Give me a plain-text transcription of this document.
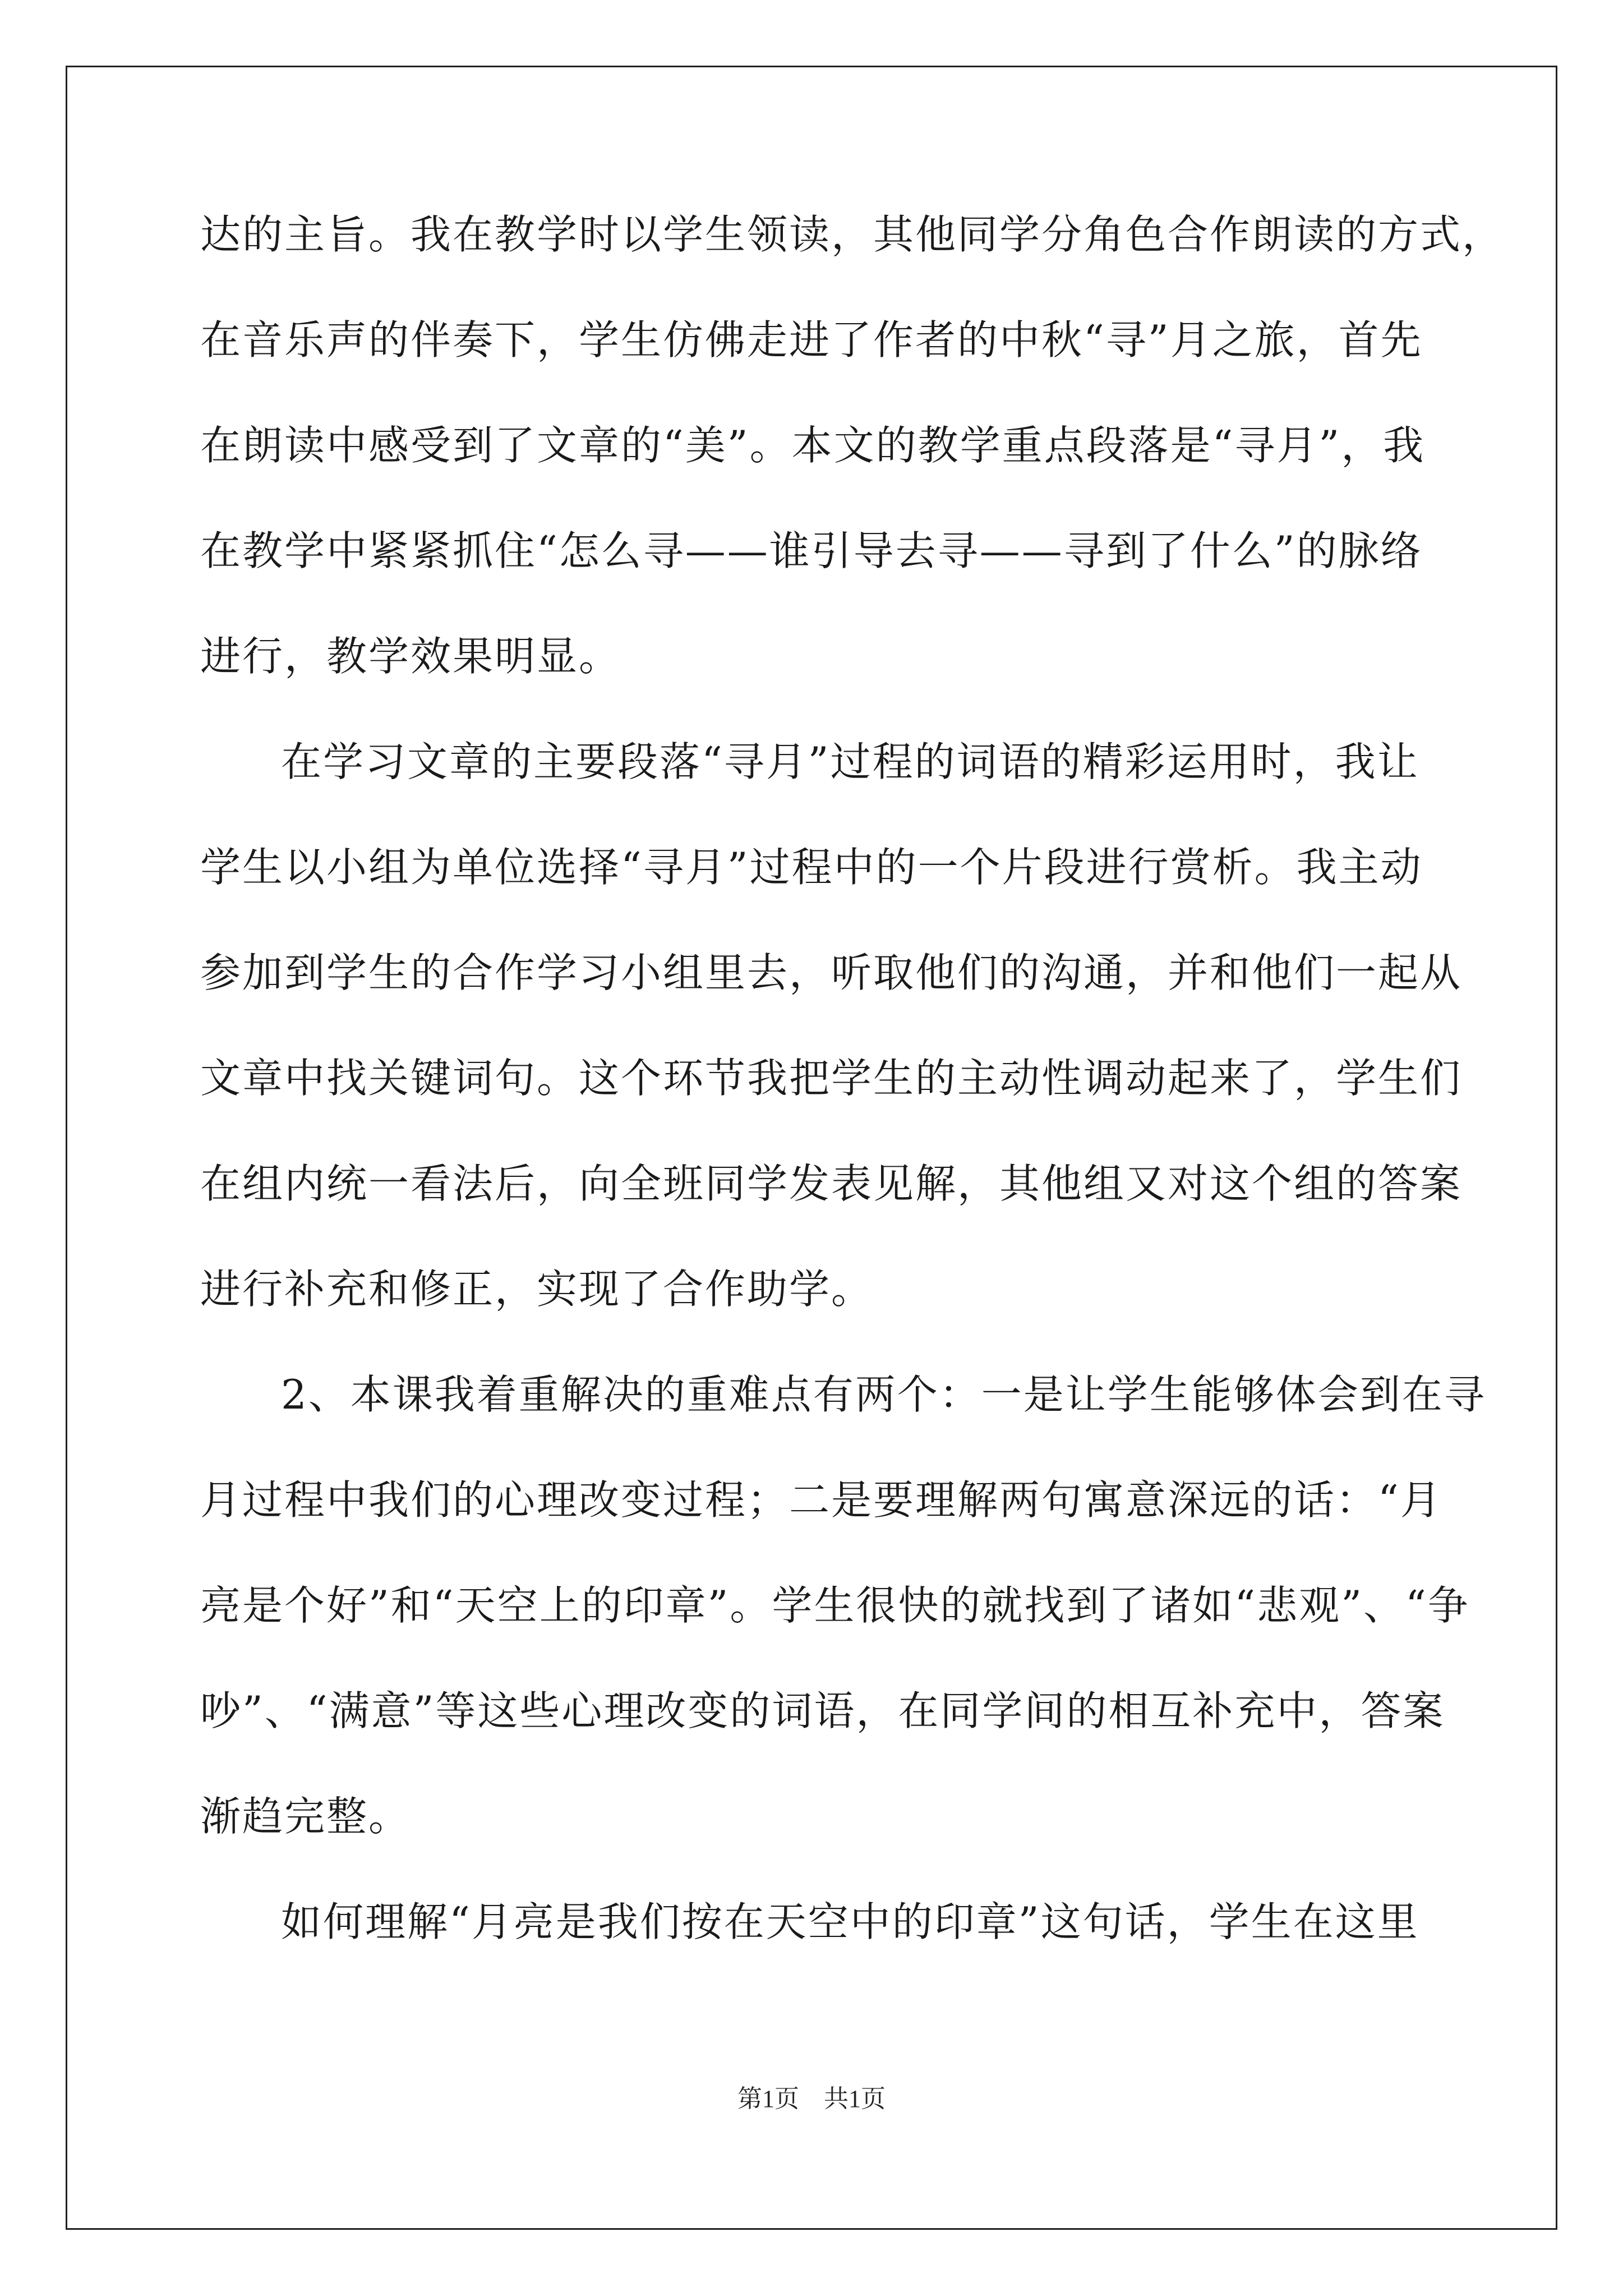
达的主旨。我在教学时以学生领读，其他同学分角色合作朗读的方式，
在音乐声的伴奏下，学生仿佛走进了作者的中秋“寻”月之旅，首先
在朗读中感受到了文章的“美”。本文的教学重点段落是“寻月”，我
在教学中紧紧抓住“怎么寻——谁引导去寻——寻到了什么”的脉络
进行，教学效果明显。
在学习文章的主要段落“寻月”过程的词语的精彩运用时，我让
学生以小组为单位选择“寻月”过程中的一个片段进行赏析。我主动
参加到学生的合作学习小组里去，听取他们的沟通，并和他们一起从
文章中找关键词句。这个环节我把学生的主动性调动起来了，学生们
在组内统一看法后，向全班同学发表见解，其他组又对这个组的答案
进行补充和修正，实现了合作助学。
2、本课我着重解决的重难点有两个：一是让学生能够体会到在寻
月过程中我们的心理改变过程；二是要理解两句寓意深远的话：“月
亮是个好”和“天空上的印章”。学生很快的就找到了诸如“悲观”、“争
吵”、“满意”等这些心理改变的词语，在同学间的相互补充中，答案
渐趋完整。
如何理解“月亮是我们按在天空中的印章”这句话，学生在这里
第1页　共1页
